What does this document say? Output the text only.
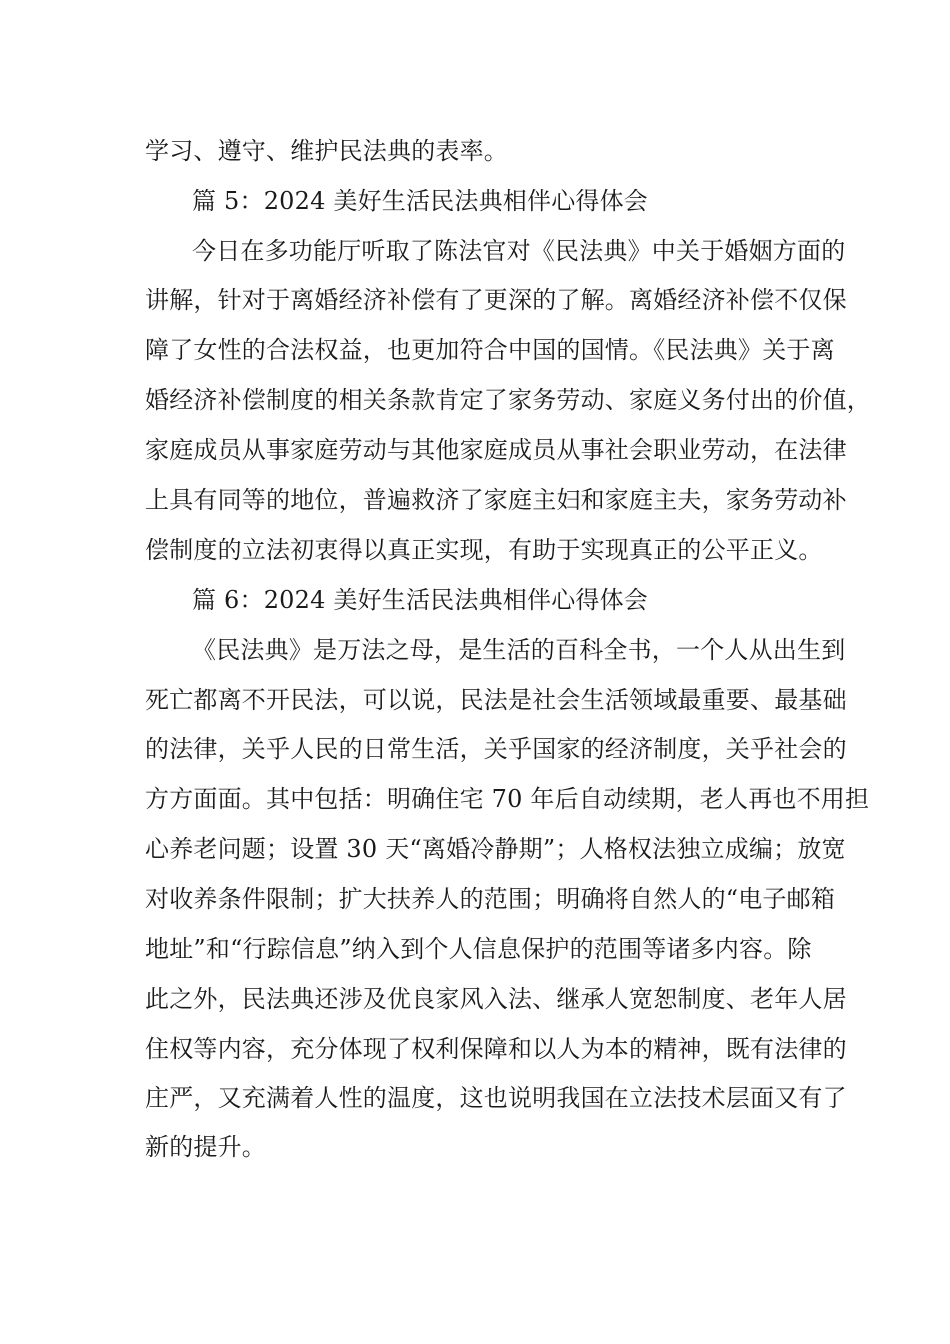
学习、遵守、维护民法典的表率。
篇 5：2024 美好生活民法典相伴心得体会
今日在多功能厅听取了陈法官对《民法典》中关于婚姻方面的
讲解，针对于离婚经济补偿有了更深的了解。离婚经济补偿不仅保
障了女性的合法权益，也更加符合中国的国情。《民法典》关于离
婚经济补偿制度的相关条款肯定了家务劳动、家庭义务付出的价值，
家庭成员从事家庭劳动与其他家庭成员从事社会职业劳动，在法律
上具有同等的地位，普遍救济了家庭主妇和家庭主夫，家务劳动补
偿制度的立法初衷得以真正实现，有助于实现真正的公平正义。
篇 6：2024 美好生活民法典相伴心得体会
《民法典》是万法之母，是生活的百科全书，一个人从出生到
死亡都离不开民法，可以说，民法是社会生活领域最重要、最基础
的法律，关乎人民的日常生活，关乎国家的经济制度，关乎社会的
方方面面。其中包括：明确住宅 70 年后自动续期，老人再也不用担
心养老问题；设置 30 天“离婚冷静期”；人格权法独立成编；放宽
对收养条件限制；扩大扶养人的范围；明确将自然人的“电子邮箱
地址”和“行踪信息”纳入到个人信息保护的范围等诸多内容。除
此之外，民法典还涉及优良家风入法、继承人宽恕制度、老年人居
住权等内容，充分体现了权利保障和以人为本的精神，既有法律的
庄严，又充满着人性的温度，这也说明我国在立法技术层面又有了
新的提升。
